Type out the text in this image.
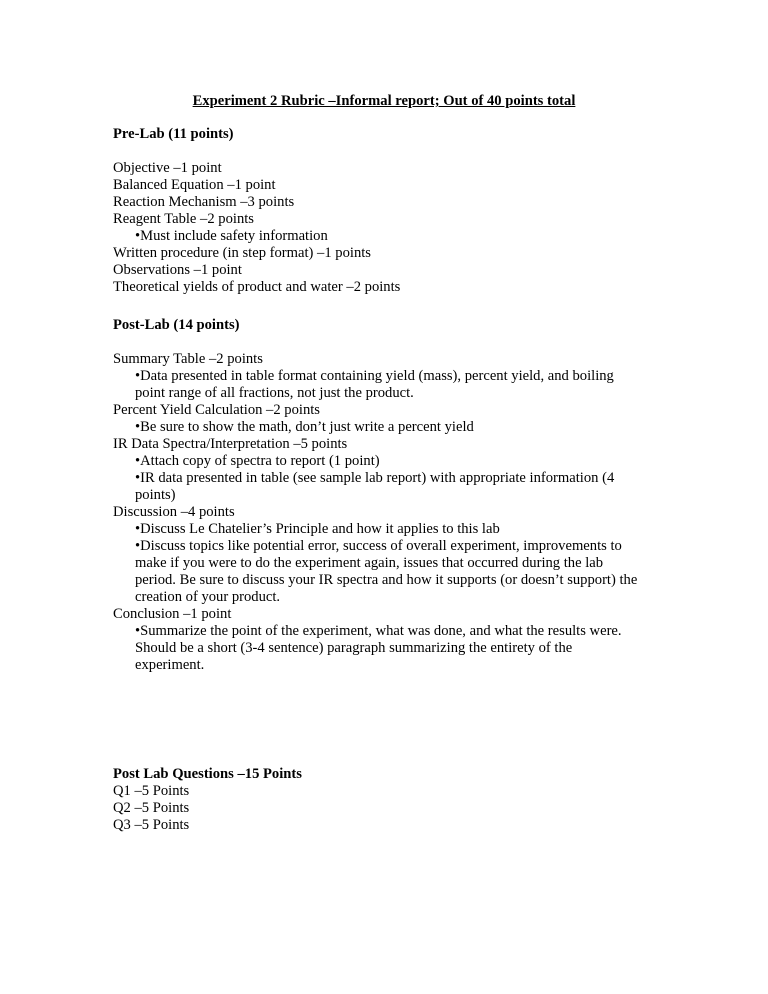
Experiment 2 Rubric –Informal report; Out of 40 points total

Pre-Lab (11 points)

Objective –1 point

Balanced Equation –1 point

Reaction Mechanism –3 points

Reagent Table –2 points

•Must include safety information

Written procedure (in step format) –1 points

Observations –1 point

Theoretical yields of product and water –2 points

Post-Lab (14 points)

Summary Table –2 points

•Data presented in table format containing yield (mass), percent yield, and boiling
point range of all fractions, not just the product.

Percent Yield Calculation –2 points

•Be sure to show the math, don’t just write a percent yield

IR Data Spectra/Interpretation –5 points

•Attach copy of spectra to report (1 point)

•IR data presented in table (see sample lab report) with appropriate information (4
points)

Discussion –4 points

•Discuss Le Chatelier’s Principle and how it applies to this lab

•Discuss topics like potential error, success of overall experiment, improvements to
make if you were to do the experiment again, issues that occurred during the lab
period. Be sure to discuss your IR spectra and how it supports (or doesn’t support) the
creation of your product.

Conclusion –1 point

•Summarize the point of the experiment, what was done, and what the results were.
Should be a short (3-4 sentence) paragraph summarizing the entirety of the
experiment.

Post Lab Questions –15 Points

Q1 –5 Points

Q2 –5 Points

Q3 –5 Points
